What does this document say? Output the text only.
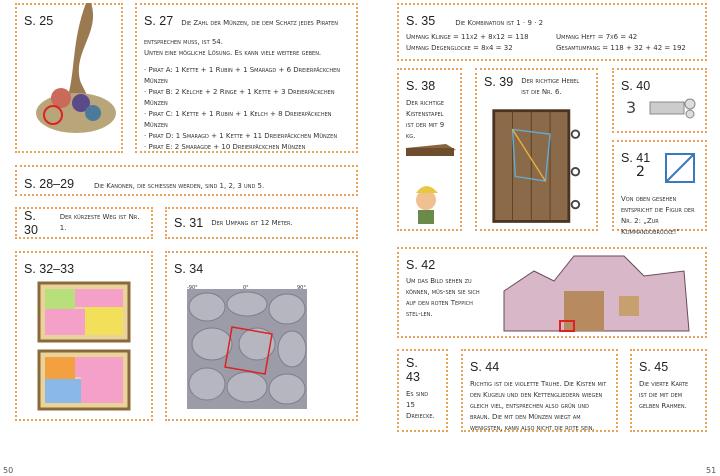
S. 25	S. 27 Die Zahl der Münzen, die dem Schatz jedes Piraten entsprechen muss, ist 54.
Unten eine mögliche Lösung. Es kann viele weitere geben.
· Pirat A: 1 Kette + 1 Rubin + 1 Smaragd + 6 Dreierpäckchen Münzen
· Pirat B: 2 Kelche + 2 Ringe + 1 Kette + 3 Dreierpäckchen Münzen
· Pirat C: 1 Kette + 1 Rubin + 1 Kelch + 8 Dreierpäckchen Münzen
· Pirat D: 1 Smaragd + 1 Kette + 11 Dreierpäckchen Münzen
· Pirat E: 2 Smaragde + 10 Dreierpäckchen Münzen
S. 28–29	Die Kanonen, die schiessen werden, sind 1, 2, 3 und 5.
S. 30
Der kürzeste Weg ist Nr. 1.	S. 31 Der Umfang ist 12 Meter.
S. 32–33	S. 34
-90°	0°	90°
50
S. 35	Die Kombination ist 1 · 9 · 2
Umfang Klinge = 11x2 + 8x12 = 118
Umfang Degenglocke = 8x4 = 32
Umfang Heft = 7x6 = 42
Gesamtumfang = 118 + 32 + 42 = 192
S. 38
Der richtige Kistenstapel ist der mit 9 kg.
S. 39 Der richtige Hebel ist die Nr. 6.	S. 40
3
S. 41
2
Von oben gesehen entspricht die Figur der Nr. 2: „Zur Kommandobrücke!“
S. 42
Um das Bild sehen zu können, müs-sen sie sich auf den roten Teppich stel-len.
S. 43
Es sind 15 Dreiecke.
S. 44
Richtig ist die violette Truhe. Die Kisten mit den Kugeln und den Kettengliedern wiegen gleich viel, entsprechen also grün und braun. Die mit den Münzen wiegt am wenigsten, kann also nicht die rote sein.
S. 45
Die vierte Karte ist die mit dem gelben Rahmen.
51
